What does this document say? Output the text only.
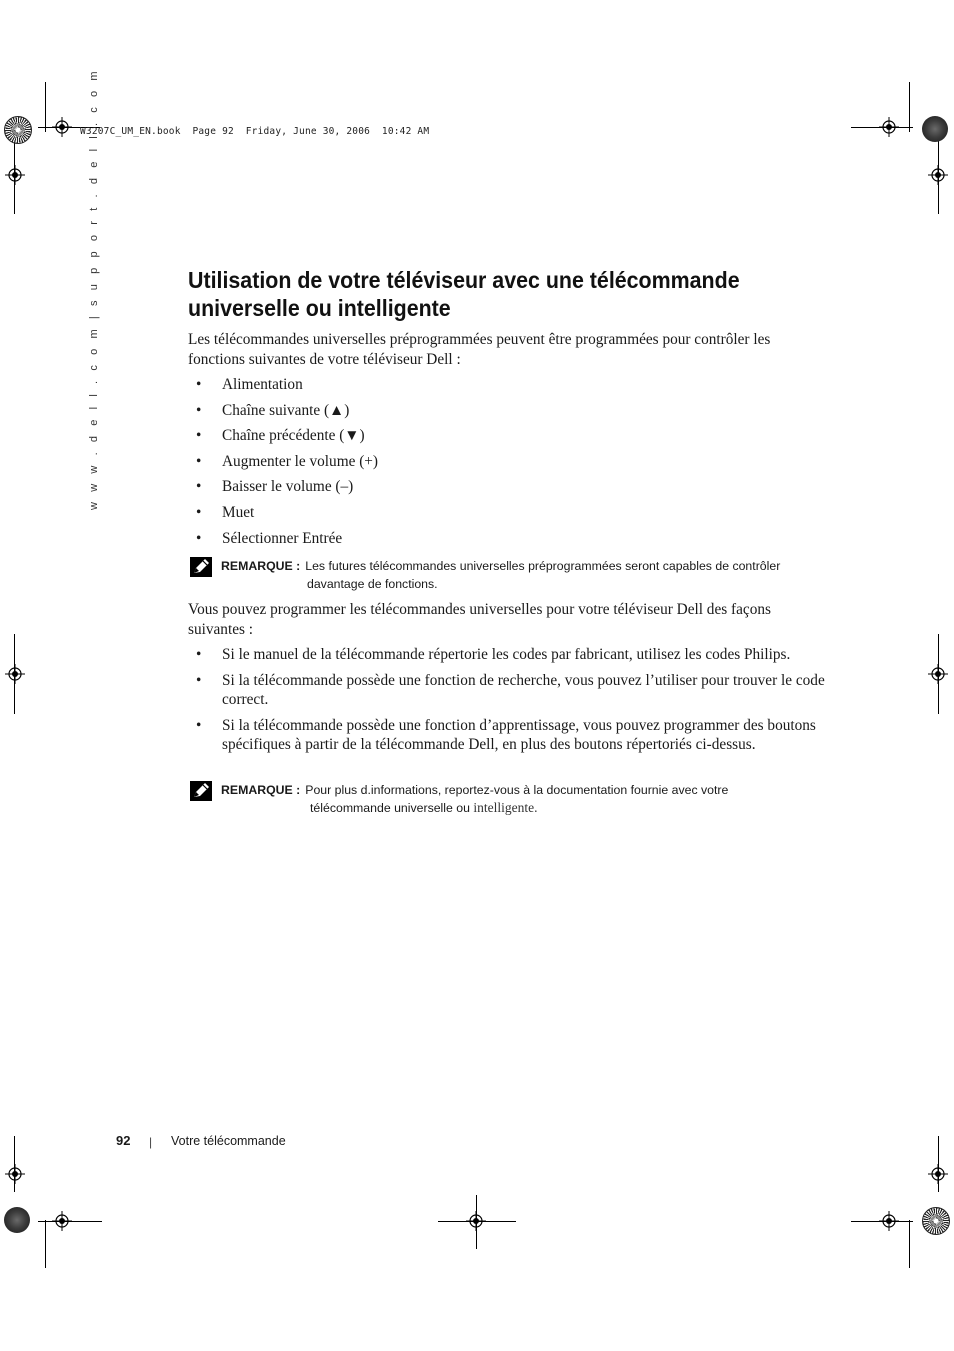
W3207C_UM_EN.book  Page 92  Friday, June 30, 2006  10:42 AM
w w w . d e l l . c o m | s u p p o r t . d e l l . c o m	Utilisation de votre téléviseur avec une télécommande universelle ou intelligente

Les télécommandes universelles préprogrammées peuvent être programmées pour contrôler les fonctions suivantes de votre téléviseur Dell :

• Alimentation
• Chaîne suivante (▲)
• Chaîne précédente (▼)
• Augmenter le volume (+)
• Baisser le volume (–)
• Muet
• Sélectionner Entrée
REMARQUE : Les futures télécommandes universelles préprogrammées seront capables de contrôler
davantage de fonctions.

Vous pouvez programmer les télécommandes universelles pour votre téléviseur Dell des façons suivantes :

• Si le manuel de la télécommande répertorie les codes par fabricant, utilisez les codes Philips.
• Si la télécommande possède une fonction de recherche, vous pouvez l’utiliser pour trouver le code correct.
• Si la télécommande possède une fonction d’apprentissage, vous pouvez programmer des boutons spécifiques à partir de la télécommande Dell, en plus des boutons répertoriés ci-dessus.
REMARQUE : Pour plus d.informations, reportez-vous à la documentation fournie avec votre
télécommande universelle ou intelligente.
92 | Votre télécommande
